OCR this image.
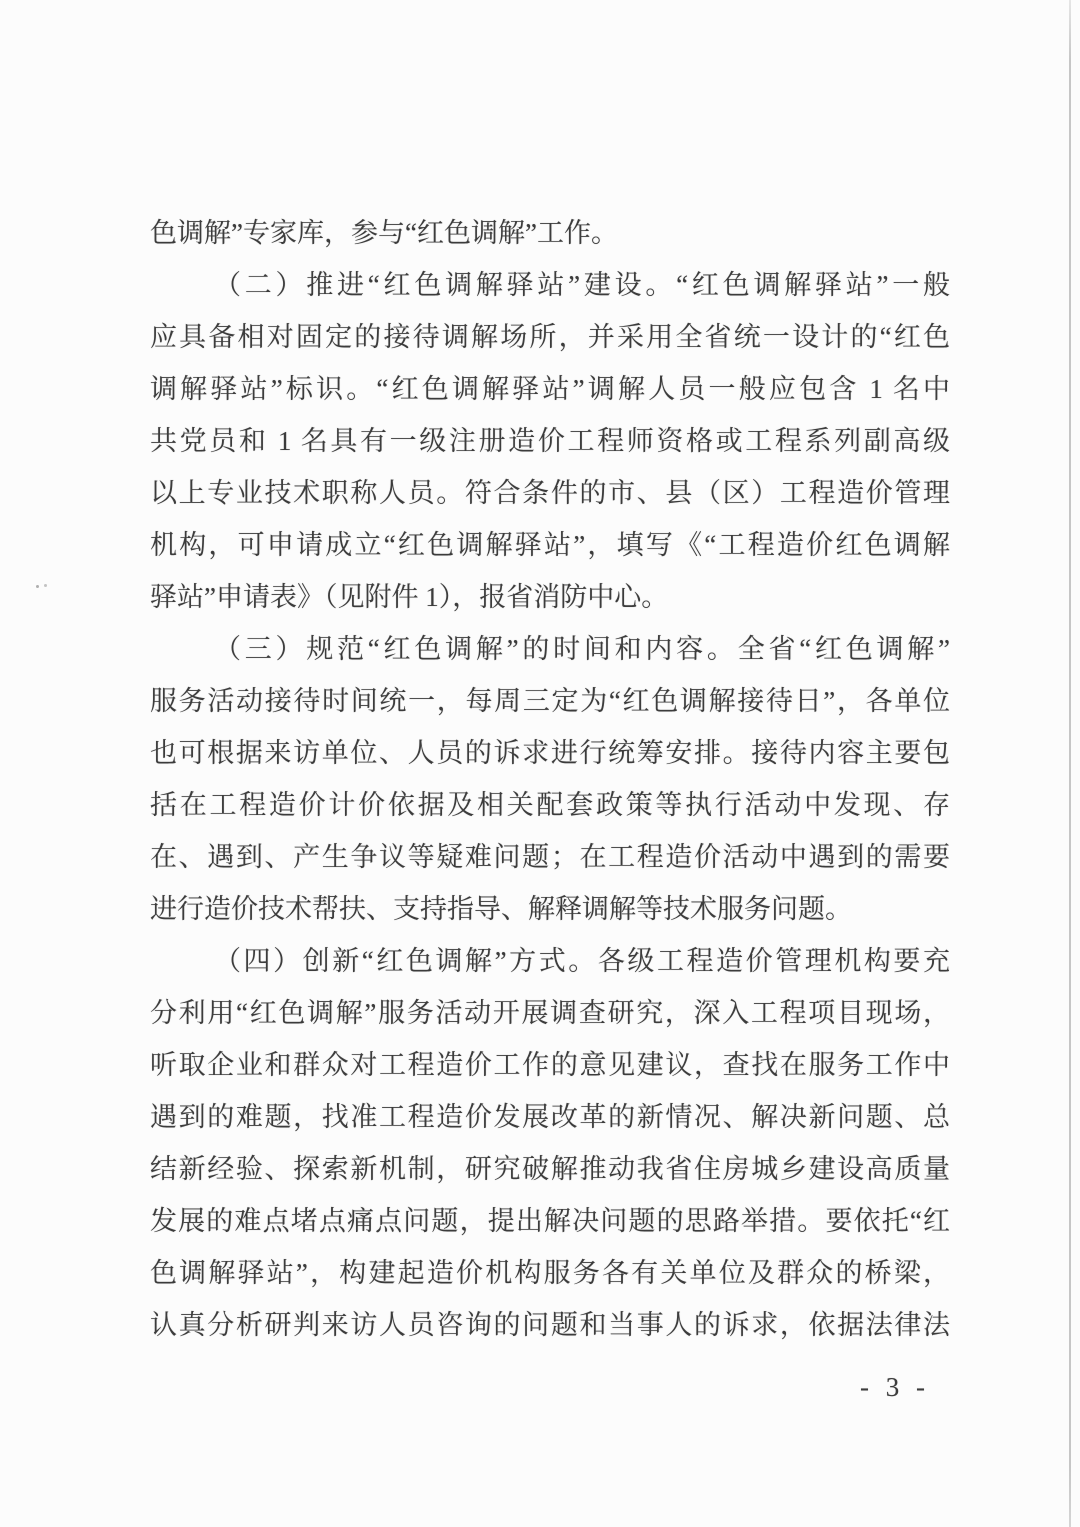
色调解”专家库，参与“红色调解”工作。
（二）推进“红色调解驿站”建设。“红色调解驿站”一般
应具备相对固定的接待调解场所，并采用全省统一设计的“红色
调解驿站”标识。“红色调解驿站”调解人员一般应包含 1 名中
共党员和 1 名具有一级注册造价工程师资格或工程系列副高级
以上专业技术职称人员。符合条件的市、县（区）工程造价管理
机构，可申请成立“红色调解驿站”，填写《“工程造价红色调解
驿站”申请表》（见附件 1），报省消防中心。
（三）规范“红色调解”的时间和内容。全省“红色调解”
服务活动接待时间统一，每周三定为“红色调解接待日”，各单位
也可根据来访单位、人员的诉求进行统筹安排。接待内容主要包
括在工程造价计价依据及相关配套政策等执行活动中发现、存
在、遇到、产生争议等疑难问题；在工程造价活动中遇到的需要
进行造价技术帮扶、支持指导、解释调解等技术服务问题。
（四）创新“红色调解”方式。各级工程造价管理机构要充
分利用“红色调解”服务活动开展调查研究，深入工程项目现场，
听取企业和群众对工程造价工作的意见建议，查找在服务工作中
遇到的难题，找准工程造价发展改革的新情况、解决新问题、总
结新经验、探索新机制，研究破解推动我省住房城乡建设高质量
发展的难点堵点痛点问题，提出解决问题的思路举措。要依托“红
色调解驿站”，构建起造价机构服务各有关单位及群众的桥梁，
认真分析研判来访人员咨询的问题和当事人的诉求，依据法律法
- 3 -
